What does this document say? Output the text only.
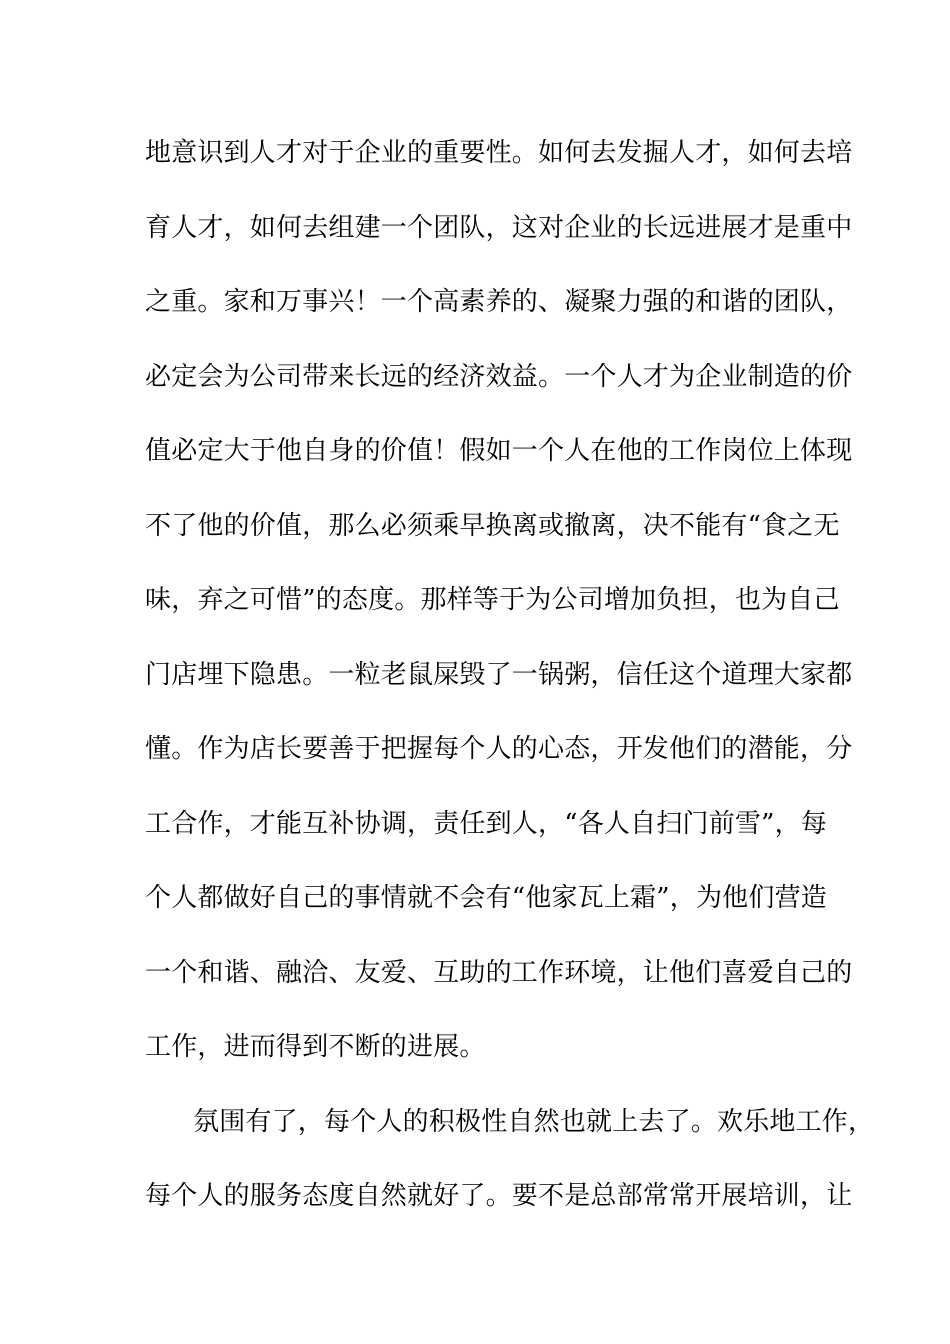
地意识到人才对于企业的重要性。如何去发掘人才，如何去培
育人才，如何去组建一个团队，这对企业的长远进展才是重中
之重。家和万事兴！一个高素养的、凝聚力强的和谐的团队，
必定会为公司带来长远的经济效益。一个人才为企业制造的价
值必定大于他自身的价值！假如一个人在他的工作岗位上体现
不了他的价值，那么必须乘早换离或撤离，决不能有“食之无
味，弃之可惜”的态度。那样等于为公司增加负担，也为自己
门店埋下隐患。一粒老鼠屎毁了一锅粥，信任这个道理大家都
懂。作为店长要善于把握每个人的心态，开发他们的潜能，分
工合作，才能互补协调，责任到人，“各人自扫门前雪”，每
个人都做好自己的事情就不会有“他家瓦上霜”，为他们营造
一个和谐、融洽、友爱、互助的工作环境，让他们喜爱自己的
工作，进而得到不断的进展。
氛围有了，每个人的积极性自然也就上去了。欢乐地工作，
每个人的服务态度自然就好了。要不是总部常常开展培训，让
